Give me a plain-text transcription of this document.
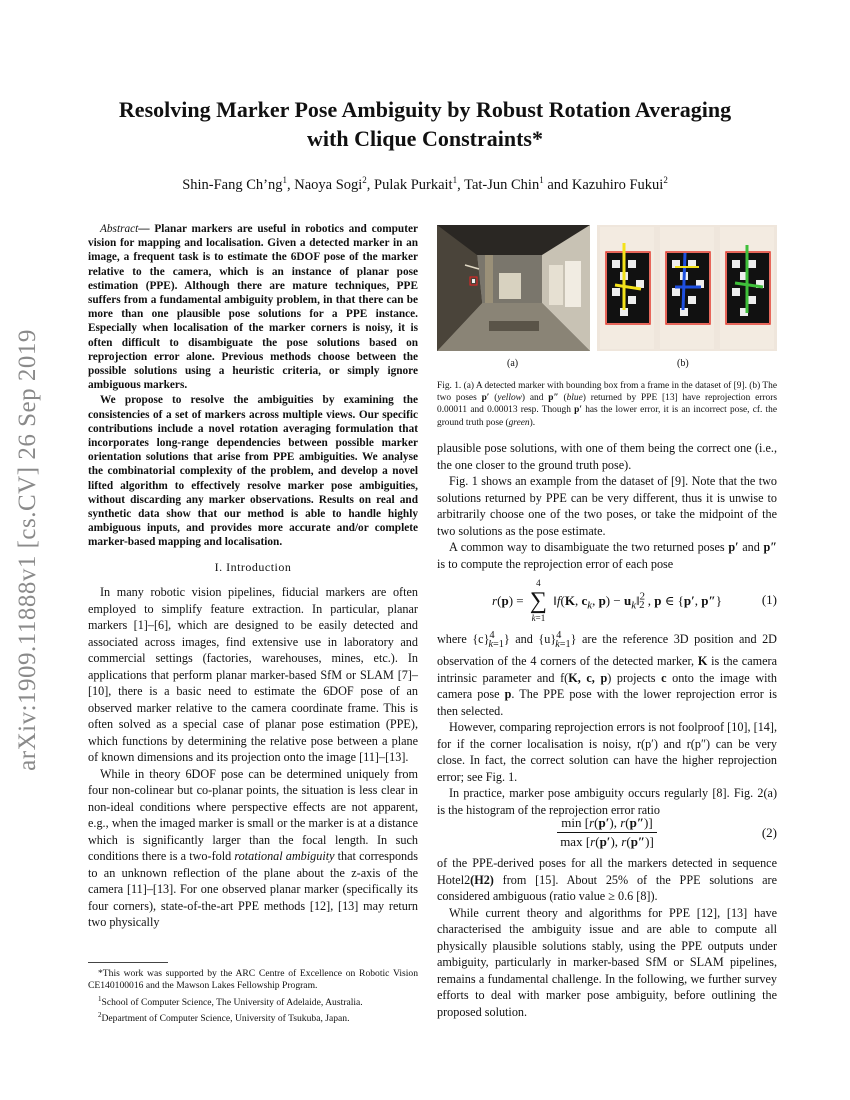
arXiv:1909.11888v1 [cs.CV] 26 Sep 2019
Resolving Marker Pose Ambiguity by Robust Rotation Averaging
with Clique Constraints*
Shin-Fang $Ch’ng^1$, Naoya Sogi$^2$, Pulak Purkait$^1$, Tat-Jun Chin$^1$ and Kazuhiro Fukui$^2$

Abstract— Planar markers are useful in robotics and computer vision for mapping and localisation. Given a detected marker in an image, a frequent task is to estimate the 6DOF pose of the marker relative to the camera, which is an instance of planar pose estimation (PPE). Although there are mature techniques, PPE suffers from a fundamental ambiguity problem, in that there can be more than one plausible pose solutions for a PPE instance. Especially when localisation of the marker corners is noisy, it is often difficult to disambiguate the pose solutions based on reprojection error alone. Previous methods choose between the possible solutions using a heuristic criteria, or simply ignore ambiguous markers.

We propose to resolve the ambiguities by examining the consistencies of a set of markers across multiple views. Our specific contributions include a novel rotation averaging formulation that incorporates long-range dependencies between possible marker orientation solutions that arise from PPE ambiguities. We analyse the combinatorial complexity of the problem, and develop a novel lifted algorithm to effectively resolve marker pose ambiguities, without discarding any marker observations. Results on real and synthetic data show that our method is able to handle highly ambiguous inputs, and provides more accurate and/or complete marker-based mapping and localisation.

I. Introduction

In many robotic vision pipelines, fiducial markers are often employed to simplify feature extraction. In particular, planar markers [1]–[6], which are designed to be easily detected and associated across images, find extensive use in laboratory and commercial settings (factories, warehouses, mines, etc.). In applications that perform planar marker-based SfM or SLAM [7]–[10], there is a basic need to estimate the 6DOF pose of an observed marker relative to the camera coordinate frame. This is often solved as a special case of planar pose estimation (PPE), which functions by determining the relative pose between a plane of known dimensions and its projection onto the image [11]–[13].

While in theory 6DOF pose can be determined uniquely from four non-colinear but co-planar points, the situation is less clear in non-ideal conditions where perspective effects are not apparent, e.g., when the imaged marker is small or the marker is at a distance which is significantly larger than the focal length. In such conditions there is a two-fold rotational ambiguity that corresponds to an unknown reflection of the plane about the z-axis of the camera [11]–[13]. For one observed planar marker (specifically its four corners), state-of-the-art PPE methods [12], [13] may return two physically

*This work was supported by the ARC Centre of Excellence on Robotic Vision CE140100016 and the Mawson Lakes Fellowship Program.

$^1$School of Computer Science, The University of Adelaide, Australia.

$^2$Department of Computer Science, University of Tsukuba, Japan.

(a)	(b)
Fig. 1. (a) A detected marker with bounding box from a frame in the dataset of [9]. (b) The two poses p′ (yellow) and p″ (blue) returned by PPE [13] have reprojection errors 0.00011 and 0.00013 resp. Though p′ has the lower error, it is an incorrect pose, cf. the ground truth pose (green).

plausible pose solutions, with one of them being the correct one (i.e., the one closer to the ground truth pose).

Fig. 1 shows an example from the dataset of [9]. Note that the two solutions returned by PPE can be very different, thus it is unwise to arbitrarily choose one of the two poses, or take the midpoint of the two solutions as the pose estimate.

A common way to disambiguate the two returned poses p′ and p″ is to compute the reprojection error of each pose

r(p) =
4
∑
k=1
‖f(K, $c_k$, $p) - u_k‖^2_2$ , p ∈ {p′, p″}	(1)

where $\{c\}^4_{k=1}$} and $\{u\}^4_{k=1}$} are the reference 3D position and 2D observation of the 4 corners of the detected marker, K is the camera intrinsic parameter and f(K, c, p) projects c onto the image with camera pose p. The PPE pose with the lower reprojection error is then selected.

However, comparing reprojection errors is not foolproof [10], [14], for if the corner localisation is noisy, r(p′) and r(p″) can be very close. In fact, the correct solution can have the higher reprojection error; see Fig. 1.

In practice, marker pose ambiguity occurs regularly [8]. Fig. 2(a) is the histogram of the reprojection error ratio

$\frac{\min [r(p'), r(p'')]}{\max [r(p'), r(p'')]}$	(2)

of the PPE-derived poses for all the markers detected in sequence Hotel2(H2) from [15]. About 25% of the PPE solutions are considered ambiguous (ratio value ≥ 0.6 [8]).

While current theory and algorithms for PPE [12], [13] have characterised the ambiguity issue and are able to compute all physically plausible solutions stably, using the PPE outputs under ambiguity, particularly in marker-based SfM or SLAM pipelines, remains a fundamental challenge. In the following, we further survey efforts to deal with marker pose ambiguity, before outlining the proposed solution.
